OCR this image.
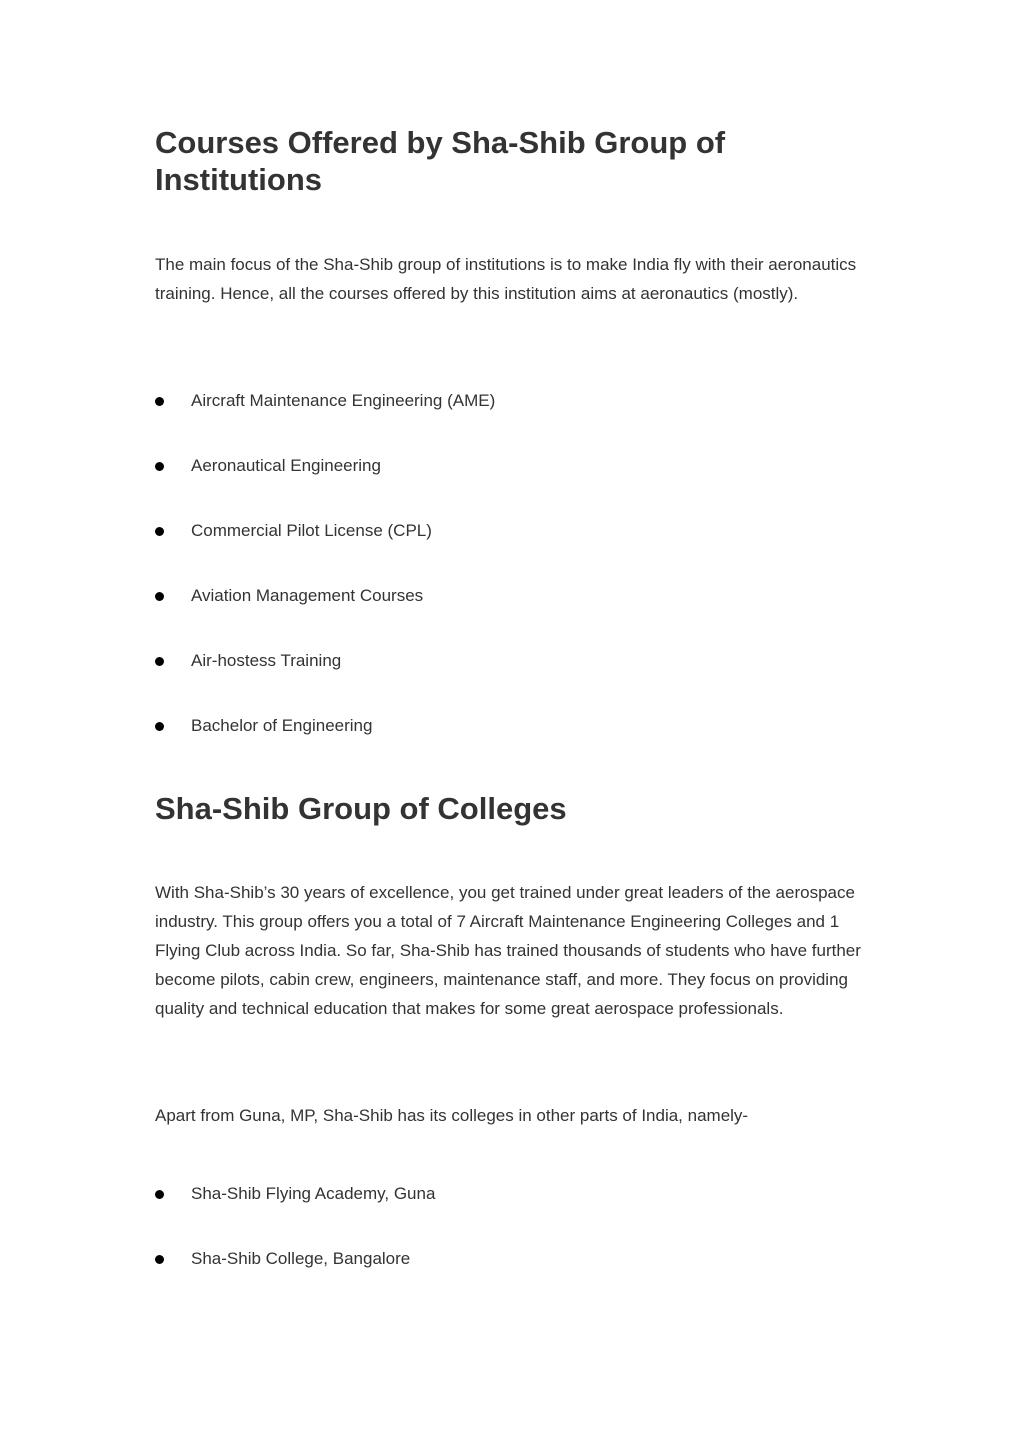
Courses Offered by Sha-Shib Group of Institutions

The main focus of the Sha-Shib group of institutions is to make India fly with their aeronautics training. Hence, all the courses offered by this institution aims at aeronautics (mostly).

Aircraft Maintenance Engineering (AME)
Aeronautical Engineering
Commercial Pilot License (CPL)
Aviation Management Courses
Air-hostess Training
Bachelor of Engineering
Sha-Shib Group of Colleges

With Sha-Shib’s 30 years of excellence, you get trained under great leaders of the aerospace industry. This group offers you a total of 7 Aircraft Maintenance Engineering Colleges and 1 Flying Club across India. So far, Sha-Shib has trained thousands of students who have further become pilots, cabin crew, engineers, maintenance staff, and more. They focus on providing quality and technical education that makes for some great aerospace professionals.

Apart from Guna, MP, Sha-Shib has its colleges in other parts of India, namely-

Sha-Shib Flying Academy, Guna
Sha-Shib College, Bangalore
